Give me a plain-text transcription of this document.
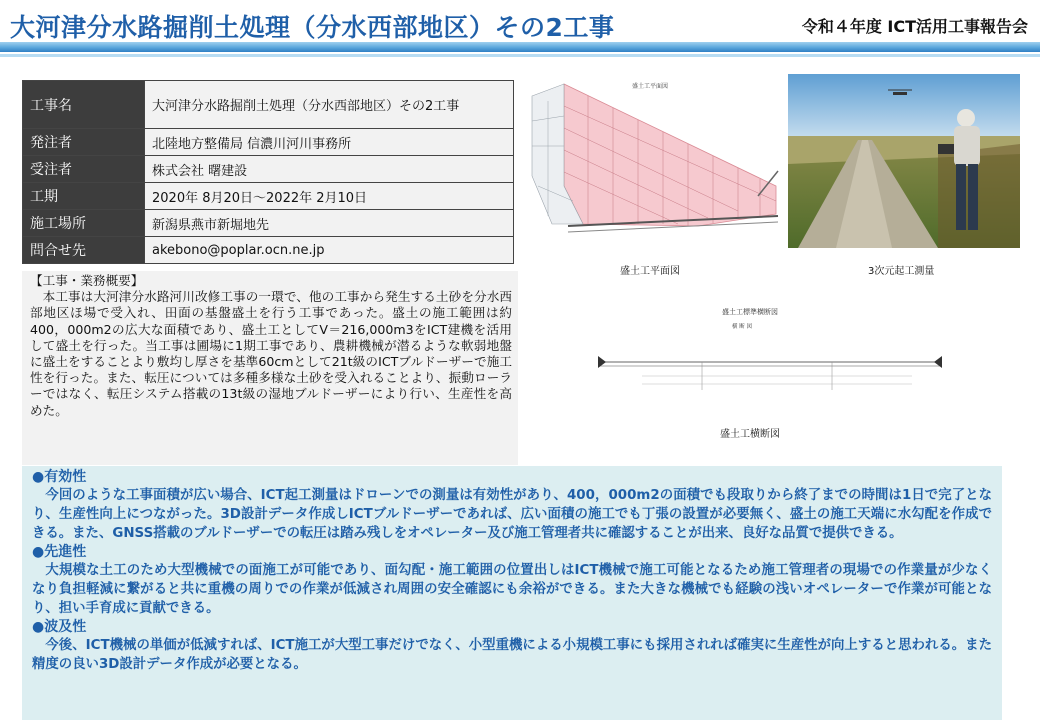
大河津分水路掘削土処理（分水西部地区）その2工事	令和４年度 ICT活用工事報告会
工事名	大河津分水路掘削土処理（分水西部地区）その2工事
発注者	北陸地方整備局 信濃川河川事務所
受注者	株式会社 曙建設
工期	2020年 8月20日～2022年 2月10日
施工場所	新潟県燕市新堀地先
問合せ先	akebono@poplar.ocn.ne.jp
【工事・業務概要】
本工事は大河津分水路河川改修工事の一環で、他の工事から発生する土砂を分水西部地区ほ場で受入れ、田面の基盤盛土を行う工事であった。盛土の施工範囲は約400，000m2の広大な面積であり、盛土工としてV＝216,000m3をICT建機を活用して盛土を行った。当工事は圃場に1期工事であり、農耕機械が潜るような軟弱地盤に盛土をすることより敷均し厚さを基準60cmとして21t級のICTブルドーザーで施工性を行った。また、転圧については多種多様な土砂を受入れることより、振動ローラーではなく、転圧システム搭載の13t級の湿地ブルドーザーにより行い、生産性を高めた。
盛土工平面図
盛土工平面図	3次元起工測量
盛土工標準横断図
横 断 図
盛土工横断図
●有効性
今回のような工事面積が広い場合、ICT起工測量はドローンでの測量は有効性があり、400，000m2の面積でも段取りから終了までの時間は1日で完了となり、生産性向上につながった。3D設計データ作成しICTブルドーザーであれば、広い面積の施工でも丁張の設置が必要無く、盛土の施工天端に水勾配を作成できる。また、GNSS搭載のブルドーザーでの転圧は踏み残しをオペレーター及び施工管理者共に確認することが出来、良好な品質で提供できる。
●先進性
大規模な土工のため大型機械での面施工が可能であり、面勾配・施工範囲の位置出しはICT機械で施工可能となるため施工管理者の現場での作業量が少なくなり負担軽減に繋がると共に重機の周りでの作業が低減され周囲の安全確認にも余裕ができる。また大きな機械でも経験の浅いオペレーターで作業が可能となり、担い手育成に貢献できる。
●波及性
今後、ICT機械の単価が低減すれば、ICT施工が大型工事だけでなく、小型重機による小規模工事にも採用されれば確実に生産性が向上すると思われる。また精度の良い3D設計データ作成が必要となる。
